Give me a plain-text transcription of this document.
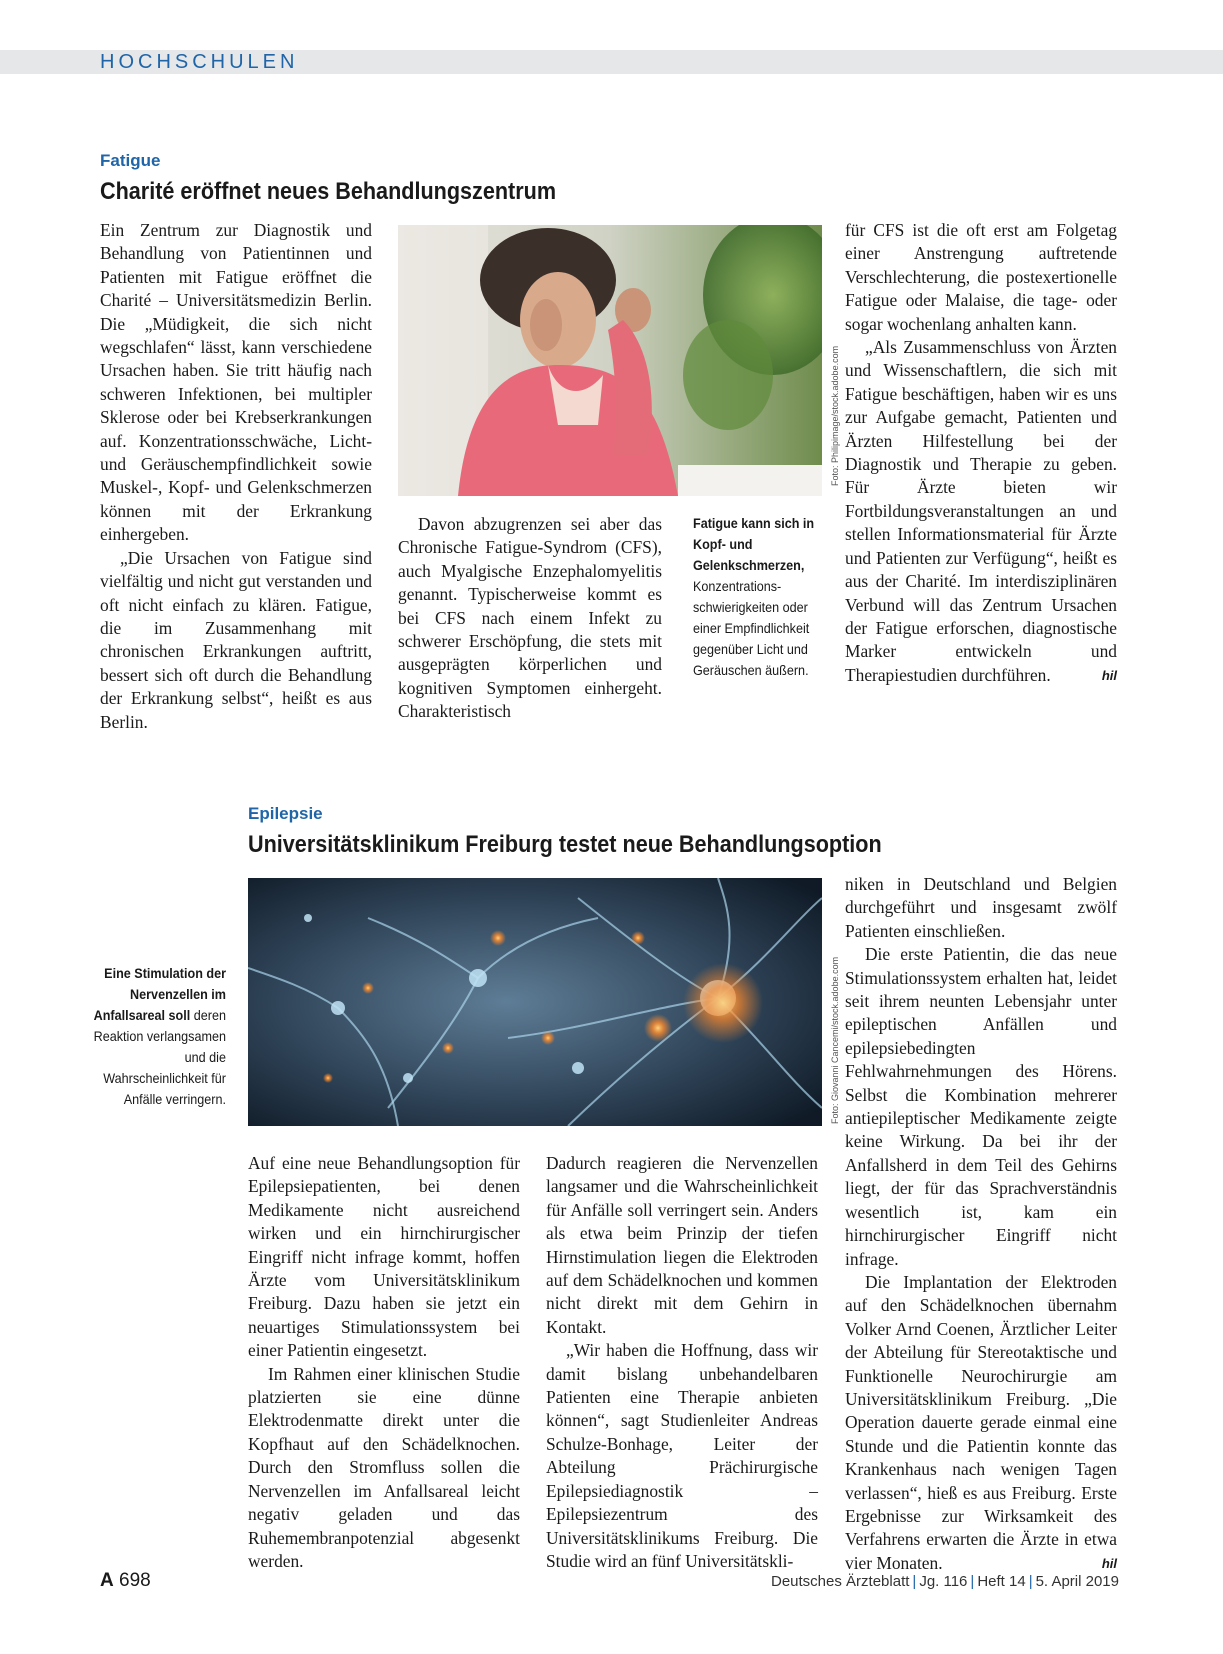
HOCHSCHULEN
Fatigue
Charité eröffnet neues Behandlungszentrum

Ein Zentrum zur Diagnostik und Behandlung von Patientinnen und Patienten mit Fatigue eröffnet die Charité – Universitätsmedizin Berlin. Die „Müdigkeit, die sich nicht wegschlafen“ lässt, kann verschiedene Ursachen haben. Sie tritt häufig nach schweren Infektionen, bei multipler Sklerose oder bei Krebserkrankungen auf. Konzentrationsschwäche, Licht- und Geräuschempfindlichkeit sowie Muskel-, Kopf- und Gelenkschmerzen können mit der Erkrankung einhergeben.

„Die Ursachen von Fatigue sind vielfältig und nicht gut verstanden und oft nicht einfach zu klären. Fatigue, die im Zusammenhang mit chronischen Erkrankungen auftritt, bessert sich oft durch die Behandlung der Erkrankung selbst“, heißt es aus Berlin.

Foto: Philipimage/stock.adobe.com

Davon abzugrenzen sei aber das Chronische Fatigue-Syndrom (CFS), auch Myalgische Enzephalomyelitis genannt. Typischerweise kommt es bei CFS nach einem Infekt zu schwerer Erschöpfung, die stets mit ausgeprägten körperlichen und kognitiven Symptomen einhergeht. Charakteristisch

Fatigue kann sich in Kopf- und Gelenkschmerzen, Konzentrations-schwierigkeiten oder einer Empfindlichkeit gegenüber Licht und Geräuschen äußern.

für CFS ist die oft erst am Folgetag einer Anstrengung auftretende Verschlechterung, die postexertionelle Fatigue oder Malaise, die tage- oder sogar wochenlang anhalten kann.

„Als Zusammenschluss von Ärzten und Wissenschaftlern, die sich mit Fatigue beschäftigen, haben wir es uns zur Aufgabe gemacht, Patienten und Ärzten Hilfestellung bei der Diagnostik und Therapie zu geben. Für Ärzte bieten wir Fortbildungsveranstaltungen an und stellen Informationsmaterial für Ärzte und Patienten zur Verfügung“, heißt es aus der Charité. Im interdisziplinären Verbund will das Zentrum Ursachen der Fatigue erforschen, diagnostische Marker entwickeln und Therapiestudien durchführen.	hil

Epilepsie
Universitätsklinikum Freiburg testet neue Behandlungsoption
Eine Stimulation der Nervenzellen im Anfallsareal soll deren Reaktion verlangsamen und die Wahrscheinlichkeit für Anfälle verringern.	Foto: Giovanni Cancemi/stock.adobe.com

Auf eine neue Behandlungsoption für Epilepsiepatienten, bei denen Medikamente nicht ausreichend wirken und ein hirnchirurgischer Eingriff nicht infrage kommt, hoffen Ärzte vom Universitätsklinikum Freiburg. Dazu haben sie jetzt ein neuartiges Stimulationssystem bei einer Patientin eingesetzt.

Im Rahmen einer klinischen Studie platzierten sie eine dünne Elektrodenmatte direkt unter die Kopfhaut auf den Schädelknochen. Durch den Stromfluss sollen die Nervenzellen im Anfallsareal leicht negativ geladen und das Ruhemembranpotenzial abgesenkt werden.

Dadurch reagieren die Nervenzellen langsamer und die Wahrscheinlichkeit für Anfälle soll verringert sein. Anders als etwa beim Prinzip der tiefen Hirnstimulation liegen die Elektroden auf dem Schädelknochen und kommen nicht direkt mit dem Gehirn in Kontakt.

„Wir haben die Hoffnung, dass wir damit bislang unbehandelbaren Patienten eine Therapie anbieten können“, sagt Studienleiter Andreas Schulze-Bonhage, Leiter der Abteilung Prächirurgische Epilepsiediagnostik – Epilepsiezentrum des Universitätsklinikums Freiburg. Die Studie wird an fünf Universitätskli-

niken in Deutschland und Belgien durchgeführt und insgesamt zwölf Patienten einschließen.

Die erste Patientin, die das neue Stimulationssystem erhalten hat, leidet seit ihrem neunten Lebensjahr unter epileptischen Anfällen und epilepsiebedingten Fehlwahrnehmungen des Hörens. Selbst die Kombination mehrerer antiepileptischer Medikamente zeigte keine Wirkung. Da bei ihr der Anfallsherd in dem Teil des Gehirns liegt, der für das Sprachverständnis wesentlich ist, kam ein hirnchirurgischer Eingriff nicht infrage.

Die Implantation der Elektroden auf den Schädelknochen übernahm Volker Arnd Coenen, Ärztlicher Leiter der Abteilung für Stereotaktische und Funktionelle Neurochirurgie am Universitätsklinikum Freiburg. „Die Operation dauerte gerade einmal eine Stunde und die Patientin konnte das Krankenhaus nach wenigen Tagen verlassen“, hieß es aus Freiburg. Erste Ergebnisse zur Wirksamkeit des Verfahrens erwarten die Ärzte in etwa vier Monaten.	hil

A 698	Deutsches Ärzteblatt | Jg. 116 | Heft 14 | 5. April 2019
